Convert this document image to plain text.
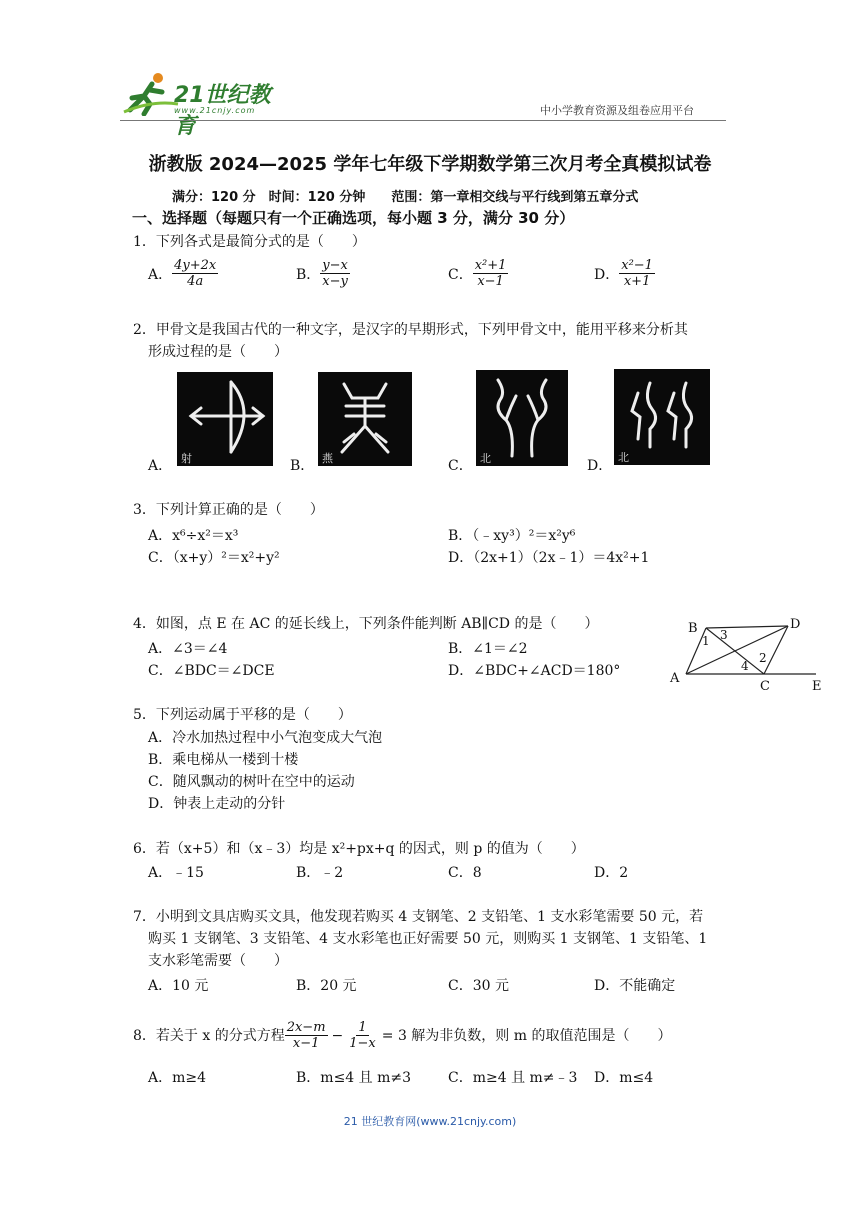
21世纪教育
www.21cnjy.com	中小学教育资源及组卷应用平台
浙教版 2024—2025 学年七年级下学期数学第三次月考全真模拟试卷
满分：120 分　时间：120 分钟　　范围：第一章相交线与平行线到第五章分式
一、选择题（每题只有一个正确选项，每小题 3 分，满分 30 分）
1．下列各式是最简分式的是（　　）
A． $\frac{4y+2x}{4a}$	B． $\frac{y-x}{x-y}$	C． $\frac{\text{x²+1}}{x-1}$	D． $\frac{\text{x²−1}}{x+1}$
2．甲骨文是我国古代的一种文字，是汉字的早期形式，下列甲骨文中，能用平移来分析其
形成过程的是（　　）
A． 射	B． 燕	C． 北	D．
北
3．下列计算正确的是（　　）
A．x⁶÷x²＝x³	B．（﹣xy³）²＝x²y⁶
C．（x+y）²＝x²+y²	D．（2x+1）（2x﹣1）＝4x²+1
4．如图，点 E 在 AC 的延长线上，下列条件能判断 AB∥CD 的是（　　）
A．∠3＝∠4	B．∠1＝∠2
C．∠BDC＝∠DCE	D．∠BDC+∠ACD＝180°
B	D
A
C	E
1 3
4
2
5．下列运动属于平移的是（　　）
A．冷水加热过程中小气泡变成大气泡
B．乘电梯从一楼到十楼
C．随风飘动的树叶在空中的运动
D．钟表上走动的分针
6．若（x+5）和（x﹣3）均是 x²+px+q 的因式，则 p 的值为（　　）
A．﹣15	B．﹣2	C．8	D．2
7．小明到文具店购买文具，他发现若购买 4 支钢笔、2 支铅笔、1 支水彩笔需要 50 元，若
购买 1 支钢笔、3 支铅笔、4 支水彩笔也正好需要 50 元，则购买 1 支钢笔、1 支铅笔、1
支水彩笔需要（　　）
A．10 元	B．20 元	C．30 元	D．不能确定
8．若关于 x 的分式方程 $\frac{2x-m}{x-1} - \frac{1}{1-x} = 3$ 解为非负数，则 m 的取值范围是（　　）
A．m≥4	B．m≤4 且 m≠3	C．m≥4 且 m≠﹣3 D．m≤4
21 世纪教育网(www.21cnjy.com)
